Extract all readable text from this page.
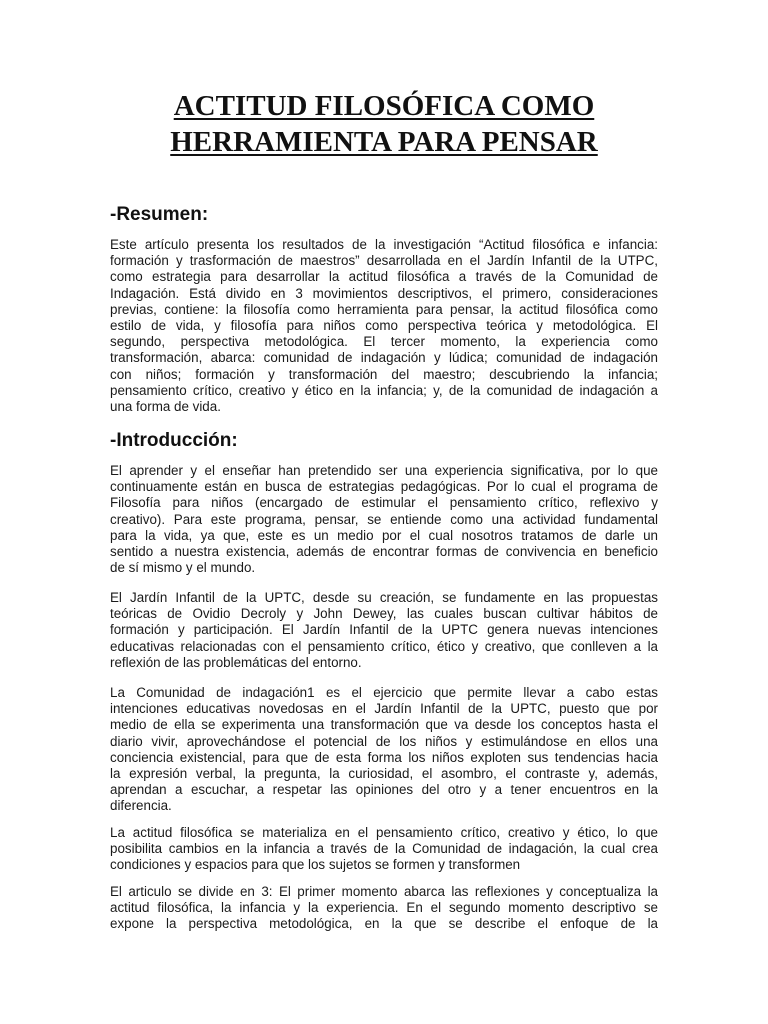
ACTITUD FILOSÓFICA COMO
HERRAMIENTA PARA PENSAR
-Resumen:

Este artículo presenta los resultados de la investigación “Actitud filosófica e infancia:
formación y trasformación de maestros” desarrollada en el Jardín Infantil de la UTPC,
como estrategia para desarrollar la actitud filosófica a través de la Comunidad de
Indagación. Está divido en 3 movimientos descriptivos, el primero, consideraciones
previas, contiene: la filosofía como herramienta para pensar, la actitud filosófica como
estilo de vida, y filosofía para niños como perspectiva teórica y metodológica. El
segundo, perspectiva metodológica. El tercer momento, la experiencia como
transformación, abarca: comunidad de indagación y lúdica; comunidad de indagación
con niños; formación y transformación del maestro; descubriendo la infancia;
pensamiento crítico, creativo y ético en la infancia; y, de la comunidad de indagación a
una forma de vida.

-Introducción:

El aprender y el enseñar han pretendido ser una experiencia significativa, por lo que
continuamente están en busca de estrategias pedagógicas. Por lo cual el programa de
Filosofía para niños (encargado de estimular el pensamiento crítico, reflexivo y
creativo). Para este programa, pensar, se entiende como una actividad fundamental
para la vida, ya que, este es un medio por el cual nosotros tratamos de darle un
sentido a nuestra existencia, además de encontrar formas de convivencia en beneficio
de sí mismo y el mundo.

El Jardín Infantil de la UPTC, desde su creación, se fundamente en las propuestas
teóricas de Ovidio Decroly y John Dewey, las cuales buscan cultivar hábitos de
formación y participación. El Jardín Infantil de la UPTC genera nuevas intenciones
educativas relacionadas con el pensamiento crítico, ético y creativo, que conlleven a la
reflexión de las problemáticas del entorno.

La Comunidad de indagación1 es el ejercicio que permite llevar a cabo estas
intenciones educativas novedosas en el Jardín Infantil de la UPTC, puesto que por
medio de ella se experimenta una transformación que va desde los conceptos hasta el
diario vivir, aprovechándose el potencial de los niños y estimulándose en ellos una
conciencia existencial, para que de esta forma los niños exploten sus tendencias hacia
la expresión verbal, la pregunta, la curiosidad, el asombro, el contraste y, además,
aprendan a escuchar, a respetar las opiniones del otro y a tener encuentros en la
diferencia.

La actitud filosófica se materializa en el pensamiento crítico, creativo y ético, lo que
posibilita cambios en la infancia a través de la Comunidad de indagación, la cual crea
condiciones y espacios para que los sujetos se formen y transformen

El articulo se divide en 3: El primer momento abarca las reflexiones y conceptualiza la
actitud filosófica, la infancia y la experiencia. En el segundo momento descriptivo se
expone la perspectiva metodológica, en la que se describe el enfoque de la
